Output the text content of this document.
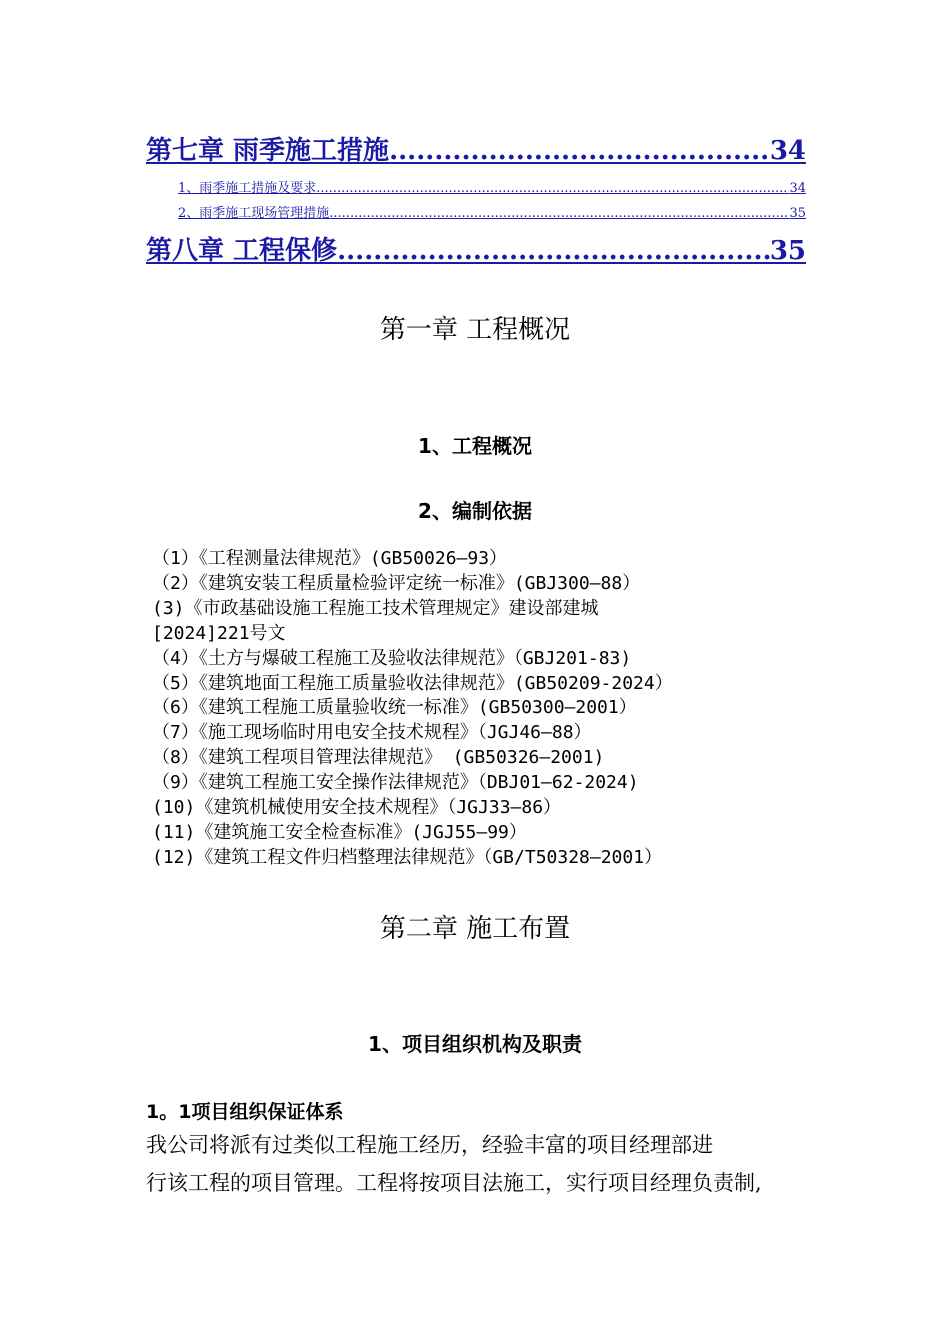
第七章 雨季施工措施 .....	34
1、雨季施工措施及要求 .....	34
2、雨季施工现场管理措施 .....	35
第八章 工程保修 .....	35
第一章 工程概况
1、工程概况
2、编制依据
（1）《工程测量法律规范》(GB50026—93）
（2）《建筑安装工程质量检验评定统一标准》(GBJ300—88）
(3)《市政基础设施工程施工技术管理规定》建设部建城
[2024]221号文
（4）《土方与爆破工程施工及验收法律规范》（GBJ201-83)
（5）《建筑地面工程施工质量验收法律规范》(GB50209-2024）
（6）《建筑工程施工质量验收统一标准》(GB50300—2001）
（7）《施工现场临时用电安全技术规程》（JGJ46—88）
（8）《建筑工程项目管理法律规范》 (GB50326—2001)
（9）《建筑工程施工安全操作法律规范》（DBJ01—62-2024)
(10)《建筑机械使用安全技术规程》（JGJ33—86）
(11)《建筑施工安全检查标准》(JGJ55—99）
(12)《建筑工程文件归档整理法律规范》（GB/T50328—2001）
第二章 施工布置
1、项目组织机构及职责
1。1项目组织保证体系
我公司将派有过类似工程施工经历，经验丰富的项目经理部进
行该工程的项目管理。工程将按项目法施工，实行项目经理负责制,
